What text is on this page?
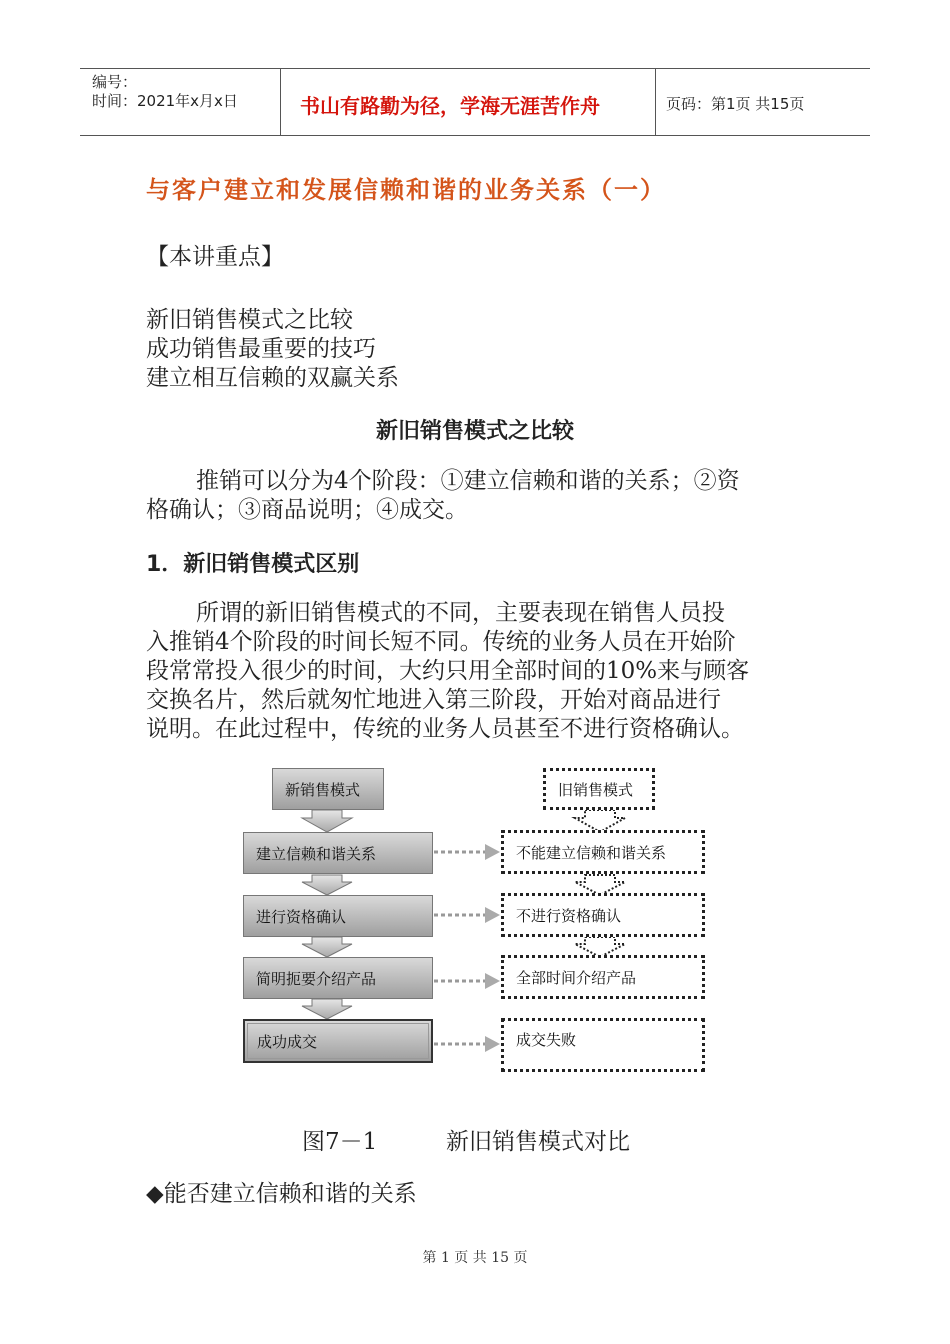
编号：
时间：2021年x月x日	书山有路勤为径，学海无涯苦作舟	页码：第1页 共15页
与客户建立和发展信赖和谐的业务关系（一）
【本讲重点】
新旧销售模式之比较
成功销售最重要的技巧
建立相互信赖的双赢关系
新旧销售模式之比较
推销可以分为4个阶段：①建立信赖和谐的关系；②资
格确认；③商品说明；④成交。
1．新旧销售模式区别
所谓的新旧销售模式的不同，主要表现在销售人员投
入推销4个阶段的时间长短不同。传统的业务人员在开始阶
段常常投入很少的时间，大约只用全部时间的10%来与顾客
交换名片，然后就匆忙地进入第三阶段，开始对商品进行
说明。在此过程中，传统的业务人员甚至不进行资格确认。
新销售模式
建立信赖和谐关系
进行资格确认
简明扼要介绍产品
成功成交
旧销售模式
不能建立信赖和谐关系
不进行资格确认
全部时间介绍产品
成交失败
图7－1	新旧销售模式对比
◆能否建立信赖和谐的关系
第 1 页 共 15 页
